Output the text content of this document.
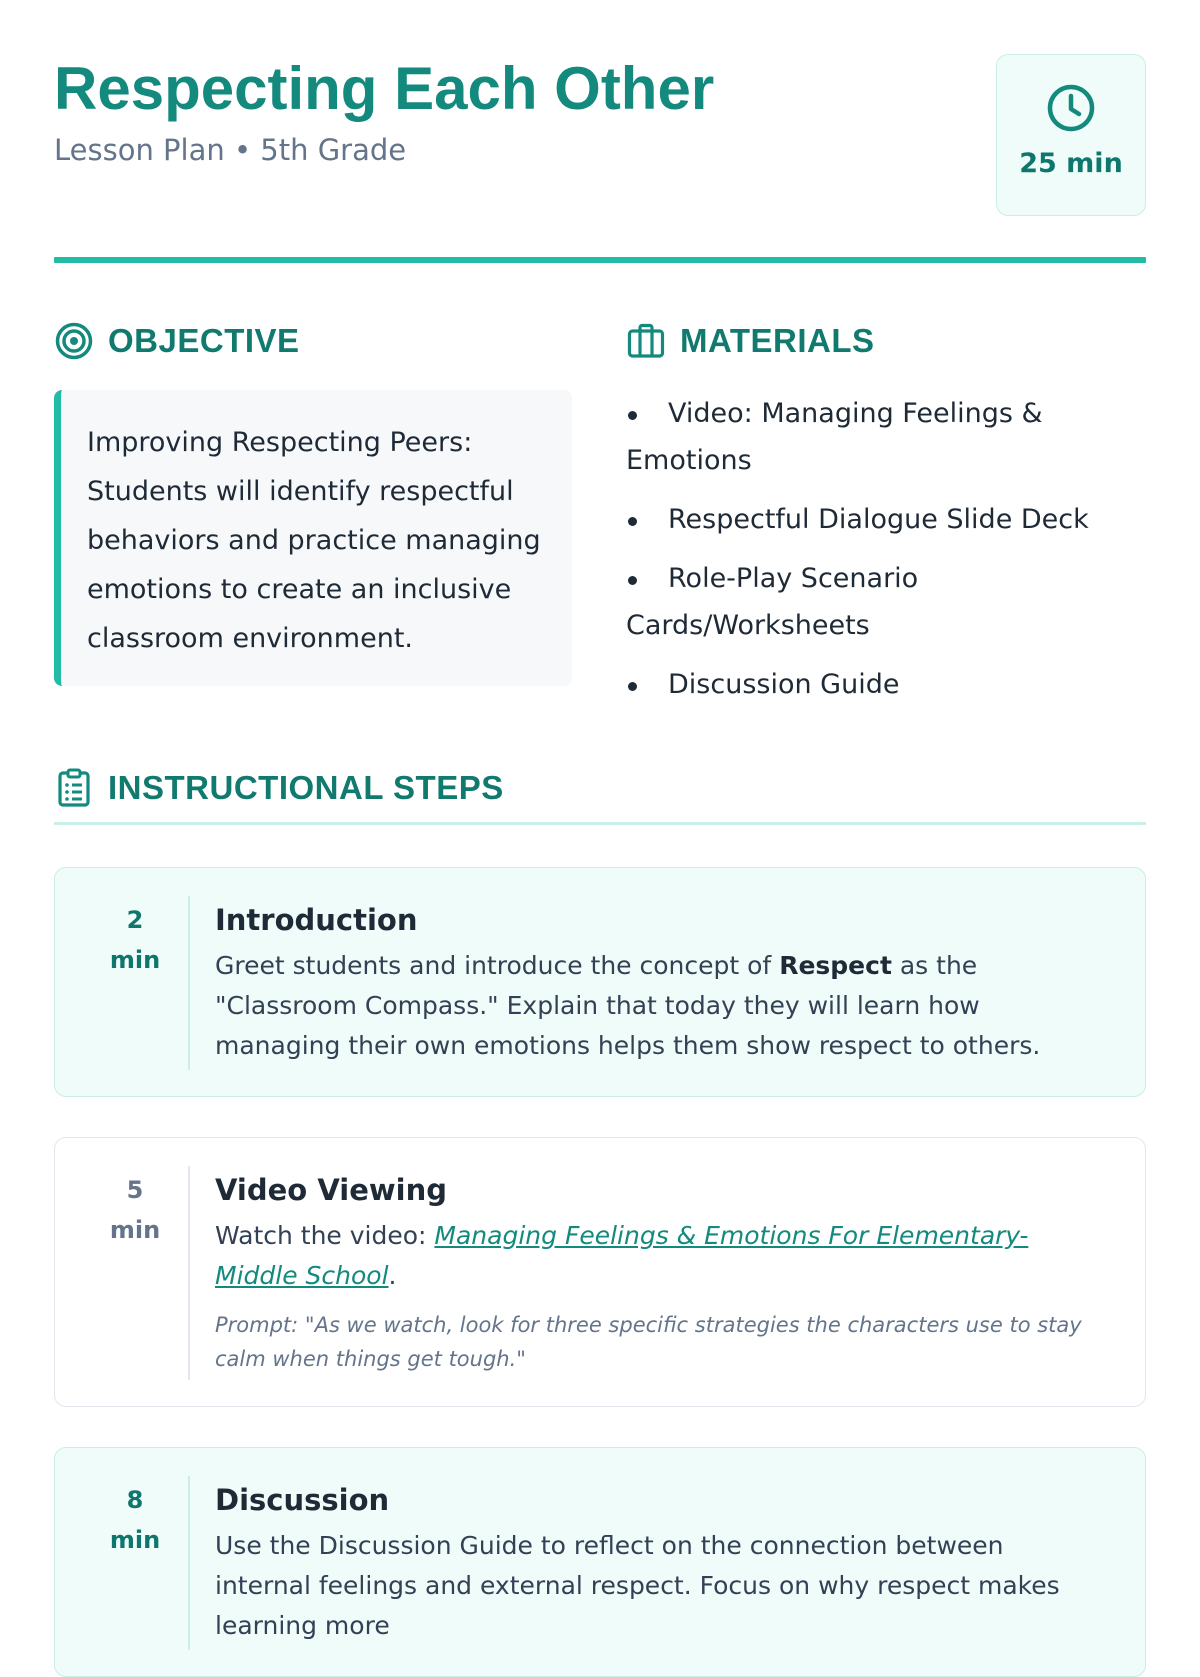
Respecting Each Other
Lesson Plan • 5th Grade	25 min
OBJECTIVE	MATERIALS

Improving Respecting Peers: Students will identify respectful behaviors and practice managing emotions to create an inclusive classroom environment.

Video: Managing Feelings & Emotions
Respectful Dialogue Slide Deck
Role-Play Scenario Cards/Worksheets
Discussion Guide
INSTRUCTIONAL STEPS
2
min
Introduction
Greet students and introduce the concept of Respect as the "Classroom Compass." Explain that today they will learn how managing their own emotions helps them show respect to others.
5
min
Video Viewing
Watch the video: Managing Feelings & Emotions For Elementary-Middle School.
Prompt: "As we watch, look for three specific strategies the characters use to stay calm when things get tough."
8
min
Discussion
Use the Discussion Guide to reflect on the connection between internal feelings and external respect. Focus on why respect makes learning more
